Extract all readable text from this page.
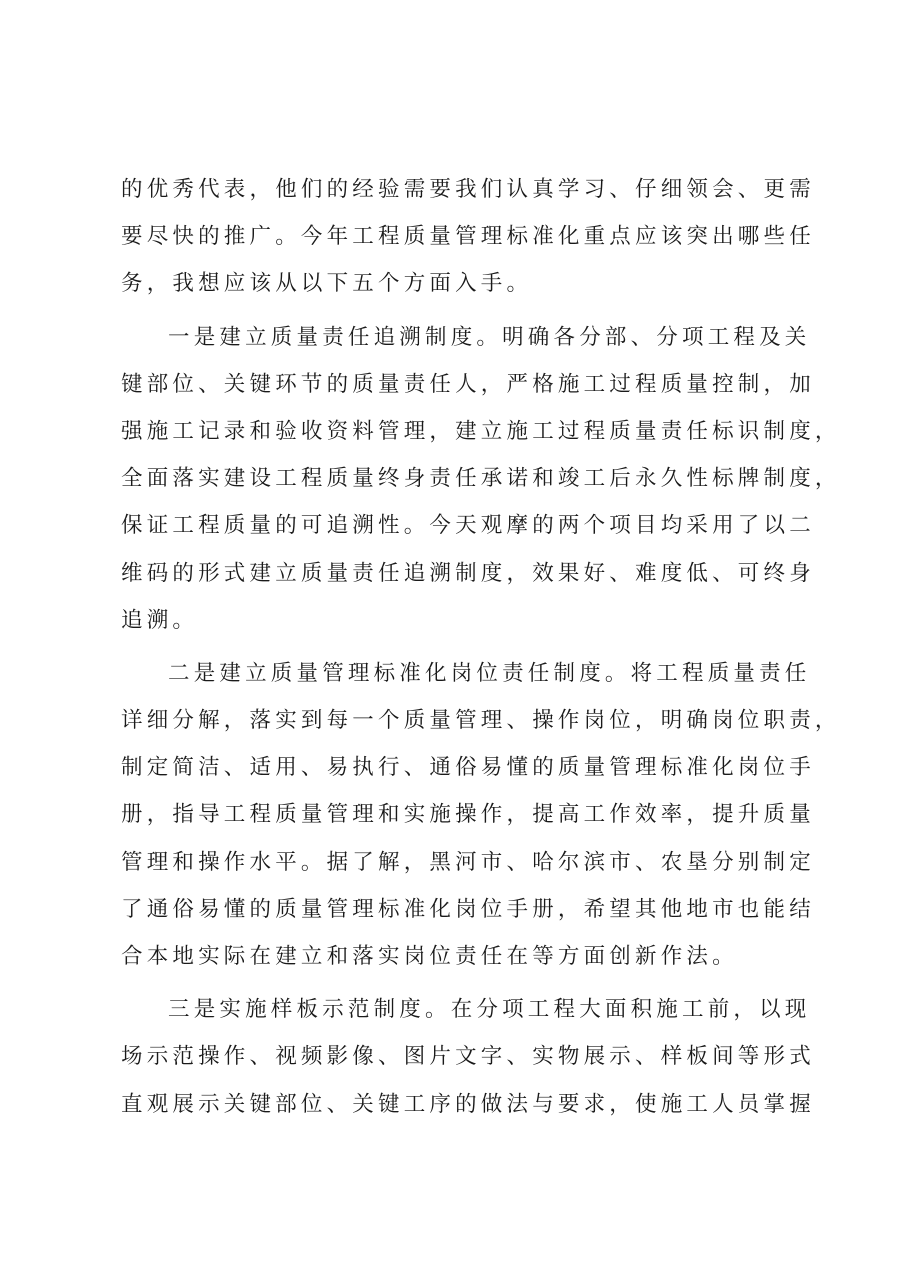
的优秀代表，他们的经验需要我们认真学习、仔细领会、更需
要尽快的推广。今年工程质量管理标准化重点应该突出哪些任
务，我想应该从以下五个方面入手。
一是建立质量责任追溯制度。明确各分部、分项工程及关
键部位、关键环节的质量责任人，严格施工过程质量控制，加
强施工记录和验收资料管理，建立施工过程质量责任标识制度，
全面落实建设工程质量终身责任承诺和竣工后永久性标牌制度，
保证工程质量的可追溯性。今天观摩的两个项目均采用了以二
维码的形式建立质量责任追溯制度，效果好、难度低、可终身
追溯。
二是建立质量管理标准化岗位责任制度。将工程质量责任
详细分解，落实到每一个质量管理、操作岗位，明确岗位职责，
制定简洁、适用、易执行、通俗易懂的质量管理标准化岗位手
册，指导工程质量管理和实施操作，提高工作效率，提升质量
管理和操作水平。据了解，黑河市、哈尔滨市、农垦分别制定
了通俗易懂的质量管理标准化岗位手册，希望其他地市也能结
合本地实际在建立和落实岗位责任在等方面创新作法。
三是实施样板示范制度。在分项工程大面积施工前，以现
场示范操作、视频影像、图片文字、实物展示、样板间等形式
直观展示关键部位、关键工序的做法与要求，使施工人员掌握
